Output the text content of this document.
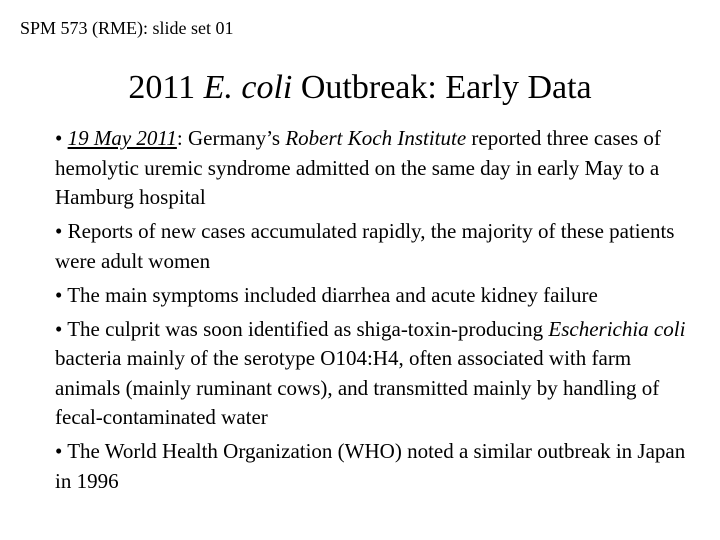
SPM 573 (RME): slide set 01
2011 E. coli Outbreak: Early Data
• 19 May 2011: Germany’s Robert Koch Institute reported three cases of hemolytic uremic syndrome admitted on the same day in early May to a Hamburg hospital
• Reports of new cases accumulated rapidly, the majority of these patients were adult women
• The main symptoms included diarrhea and acute kidney failure
• The culprit was soon identified as shiga-toxin-producing Escherichia coli bacteria mainly of the serotype O104:H4, often associated with farm animals (mainly ruminant cows), and transmitted mainly by handling of fecal-contaminated water
• The World Health Organization (WHO) noted a similar outbreak in Japan in 1996
